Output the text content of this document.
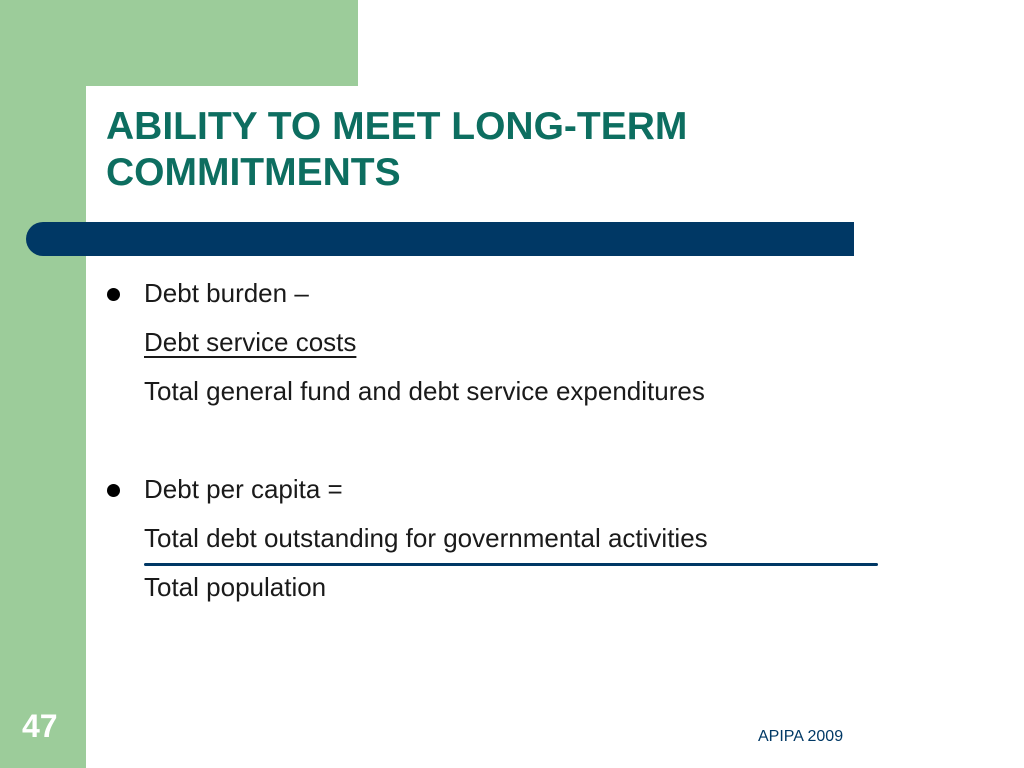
ABILITY TO MEET LONG-TERM
COMMITMENTS
Debt burden –
Debt service costs
Total general fund and debt service expenditures
Debt per capita =
Total debt outstanding for governmental activities
Total population
47	APIPA 2009
